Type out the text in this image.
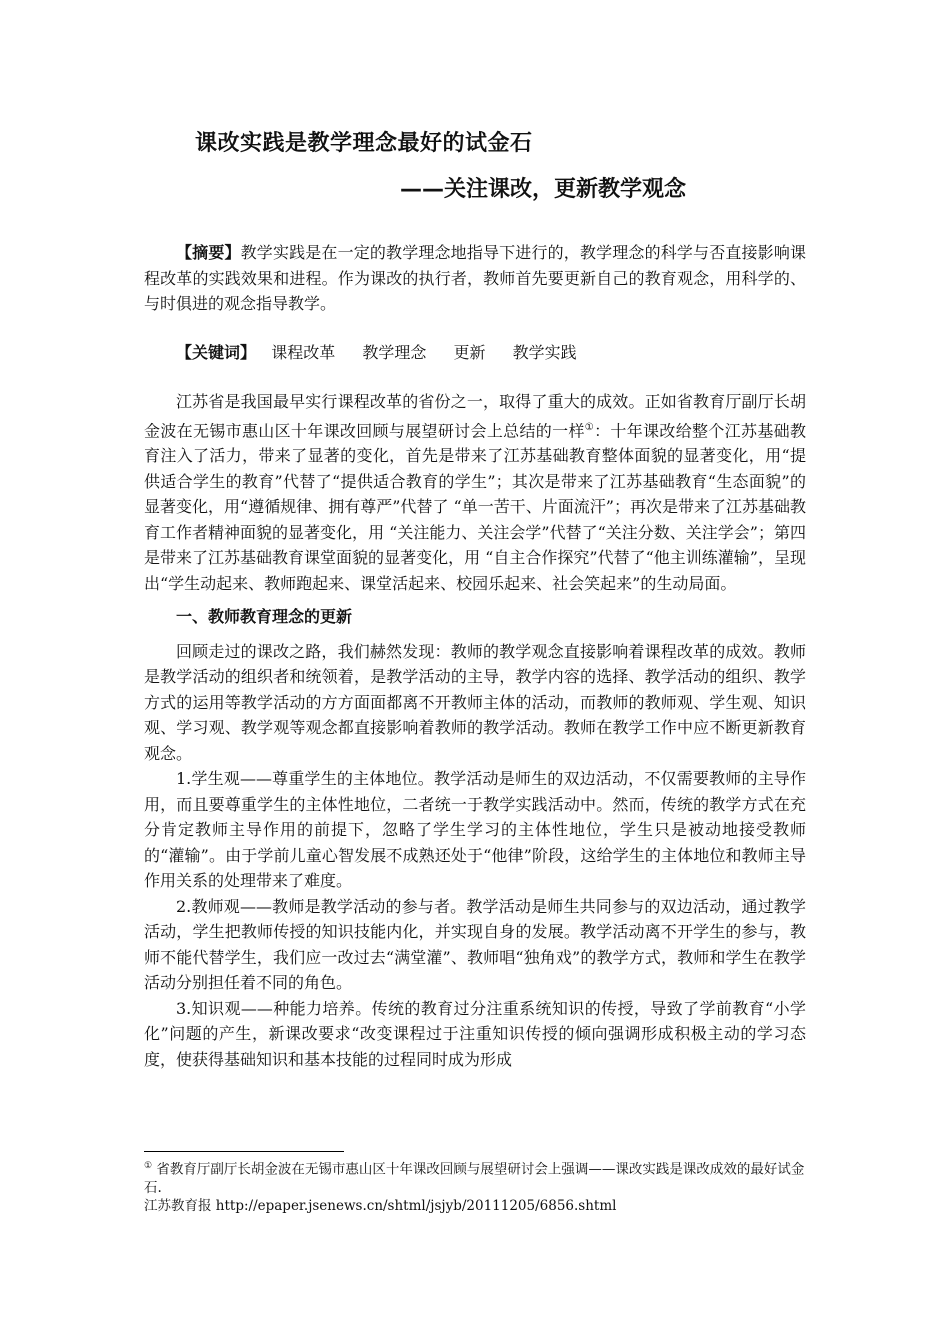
课改实践是教学理念最好的试金石
——关注课改，更新教学观念

【摘要】教学实践是在一定的教学理念地指导下进行的，教学理念的科学与否直接影响课程改革的实践效果和进程。作为课改的执行者，教师首先要更新自己的教育观念，用科学的、与时俱进的观念指导教学。

【关键词】 课程改革 教学理念 更新 教学实践

江苏省是我国最早实行课程改革的省份之一，取得了重大的成效。正如省教育厅副厅长胡金波在无锡市惠山区十年课改回顾与展望研讨会上总结的一样①：十年课改给整个江苏基础教育注入了活力，带来了显著的变化，首先是带来了江苏基础教育整体面貌的显著变化，用“提供适合学生的教育”代替了“提供适合教育的学生”；其次是带来了江苏基础教育“生态面貌”的显著变化，用“遵循规律、拥有尊严”代替了 “单一苦干、片面流汗”；再次是带来了江苏基础教育工作者精神面貌的显著变化，用 “关注能力、关注会学”代替了“关注分数、关注学会”；第四是带来了江苏基础教育课堂面貌的显著变化，用 “自主合作探究”代替了“他主训练灌输”，呈现出“学生动起来、教师跑起来、课堂活起来、校园乐起来、社会笑起来”的生动局面。

一、教师教育理念的更新

回顾走过的课改之路，我们赫然发现：教师的教学观念直接影响着课程改革的成效。教师是教学活动的组织者和统领着，是教学活动的主导，教学内容的选择、教学活动的组织、教学方式的运用等教学活动的方方面面都离不开教师主体的活动，而教师的教师观、学生观、知识观、学习观、教学观等观念都直接影响着教师的教学活动。教师在教学工作中应不断更新教育观念。

1.学生观——尊重学生的主体地位。教学活动是师生的双边活动，不仅需要教师的主导作用，而且要尊重学生的主体性地位，二者统一于教学实践活动中。然而，传统的教学方式在充分肯定教师主导作用的前提下，忽略了学生学习的主体性地位，学生只是被动地接受教师的“灌输”。由于学前儿童心智发展不成熟还处于“他律”阶段，这给学生的主体地位和教师主导作用关系的处理带来了难度。

2.教师观——教师是教学活动的参与者。教学活动是师生共同参与的双边活动，通过教学活动，学生把教师传授的知识技能内化，并实现自身的发展。教学活动离不开学生的参与，教师不能代替学生，我们应一改过去“满堂灌”、教师唱“独角戏”的教学方式，教师和学生在教学活动分别担任着不同的角色。

3.知识观——种能力培养。传统的教育过分注重系统知识的传授，导致了学前教育“小学化”问题的产生，新课改要求“改变课程过于注重知识传授的倾向强调形成积极主动的学习态度，使获得基础知识和基本技能的过程同时成为形成

① 省教育厅副厅长胡金波在无锡市惠山区十年课改回顾与展望研讨会上强调——课改实践是课改成效的最好试金石.
江苏教育报 http://epaper.jsenews.cn/shtml/jsjyb/20111205/6856.shtml
